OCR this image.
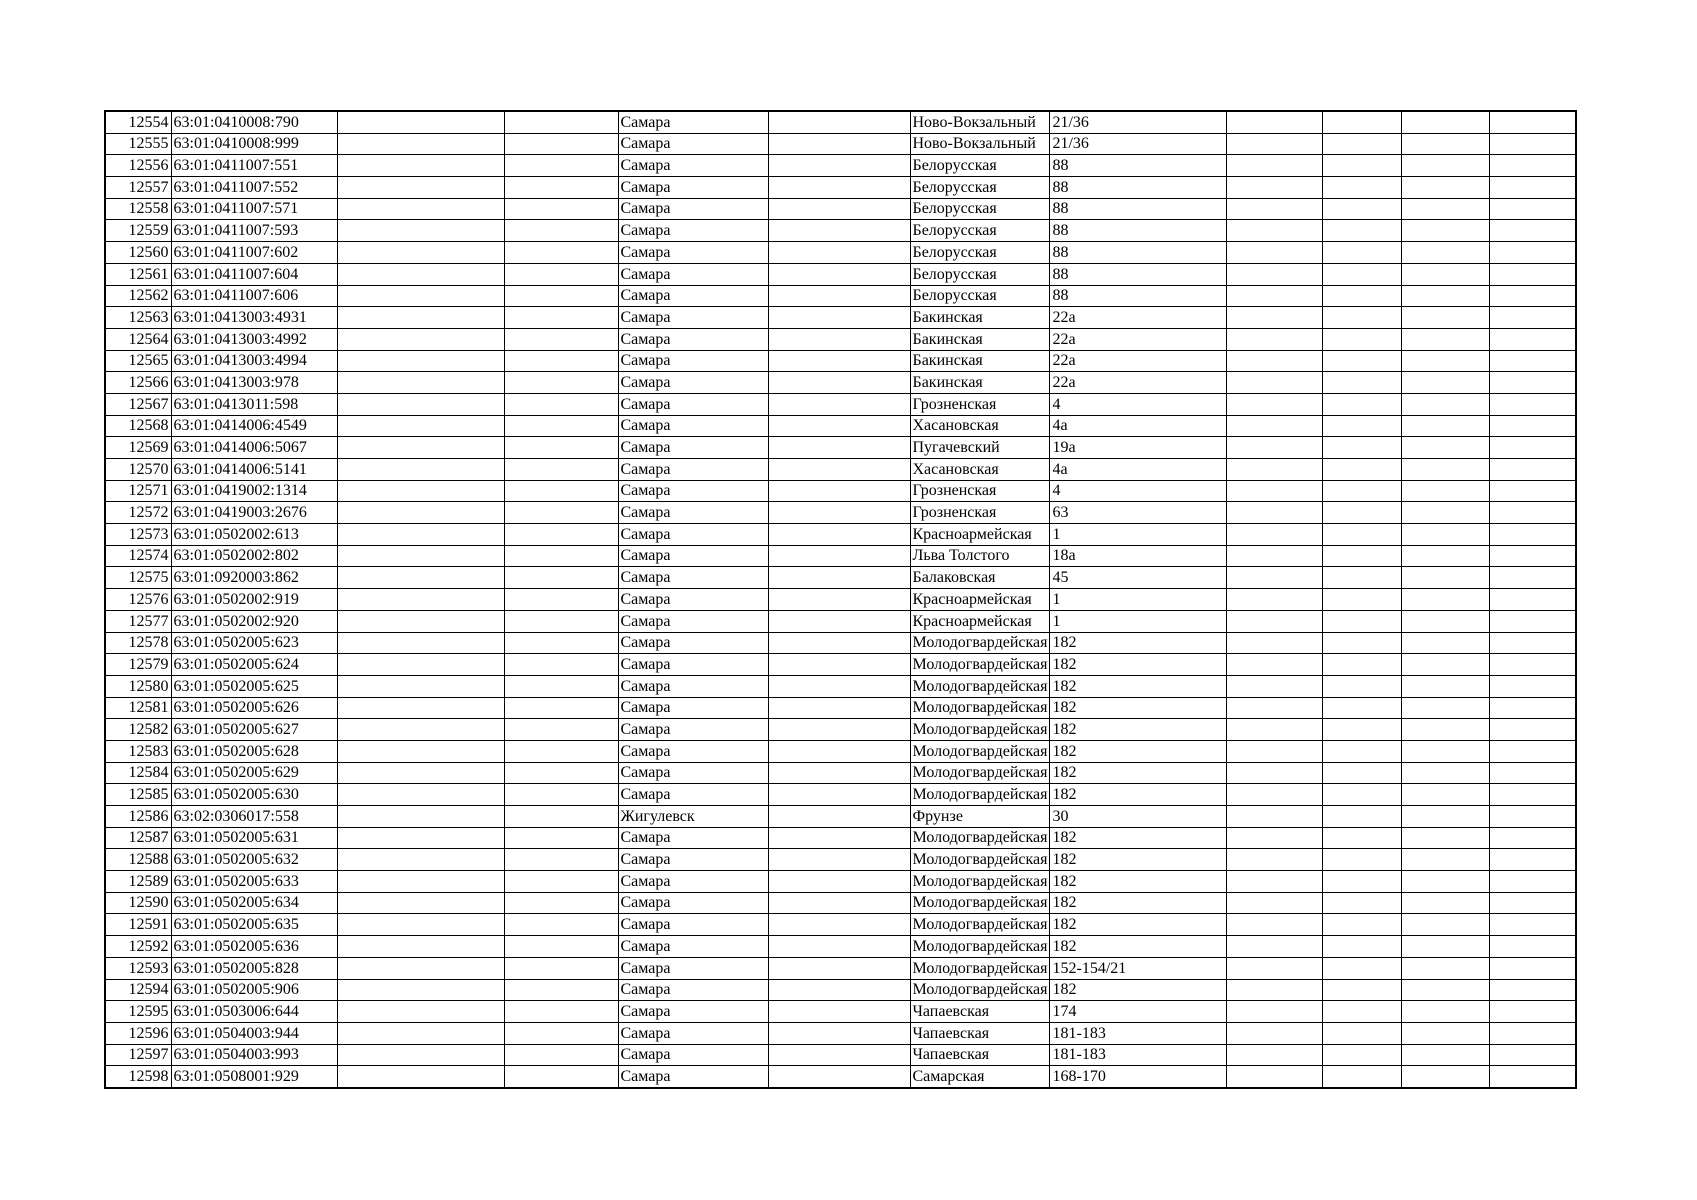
12554	63:01:0410008:790			Самара		Ново-Вокзальный	21/36				
12555	63:01:0410008:999			Самара		Ново-Вокзальный	21/36				
12556	63:01:0411007:551			Самара		Белорусская	88				
12557	63:01:0411007:552			Самара		Белорусская	88				
12558	63:01:0411007:571			Самара		Белорусская	88				
12559	63:01:0411007:593			Самара		Белорусская	88				
12560	63:01:0411007:602			Самара		Белорусская	88				
12561	63:01:0411007:604			Самара		Белорусская	88				
12562	63:01:0411007:606			Самара		Белорусская	88				
12563	63:01:0413003:4931			Самара		Бакинская	22а				
12564	63:01:0413003:4992			Самара		Бакинская	22а				
12565	63:01:0413003:4994			Самара		Бакинская	22а				
12566	63:01:0413003:978			Самара		Бакинская	22а				
12567	63:01:0413011:598			Самара		Грозненская	4				
12568	63:01:0414006:4549			Самара		Хасановская	4а				
12569	63:01:0414006:5067			Самара		Пугачевский	19а				
12570	63:01:0414006:5141			Самара		Хасановская	4а				
12571	63:01:0419002:1314			Самара		Грозненская	4				
12572	63:01:0419003:2676			Самара		Грозненская	63				
12573	63:01:0502002:613			Самара		Красноармейская	1				
12574	63:01:0502002:802			Самара		Льва Толстого	18а				
12575	63:01:0920003:862			Самара		Балаковская	45				
12576	63:01:0502002:919			Самара		Красноармейская	1				
12577	63:01:0502002:920			Самара		Красноармейская	1				
12578	63:01:0502005:623			Самара		Молодогвардейская	182				
12579	63:01:0502005:624			Самара		Молодогвардейская	182				
12580	63:01:0502005:625			Самара		Молодогвардейская	182				
12581	63:01:0502005:626			Самара		Молодогвардейская	182				
12582	63:01:0502005:627			Самара		Молодогвардейская	182				
12583	63:01:0502005:628			Самара		Молодогвардейская	182				
12584	63:01:0502005:629			Самара		Молодогвардейская	182				
12585	63:01:0502005:630			Самара		Молодогвардейская	182				
12586	63:02:0306017:558			Жигулевск		Фрунзе	30				
12587	63:01:0502005:631			Самара		Молодогвардейская	182				
12588	63:01:0502005:632			Самара		Молодогвардейская	182				
12589	63:01:0502005:633			Самара		Молодогвардейская	182				
12590	63:01:0502005:634			Самара		Молодогвардейская	182				
12591	63:01:0502005:635			Самара		Молодогвардейская	182				
12592	63:01:0502005:636			Самара		Молодогвардейская	182				
12593	63:01:0502005:828			Самара		Молодогвардейская	152-154/21				
12594	63:01:0502005:906			Самара		Молодогвардейская	182				
12595	63:01:0503006:644			Самара		Чапаевская	174				
12596	63:01:0504003:944			Самара		Чапаевская	181-183				
12597	63:01:0504003:993			Самара		Чапаевская	181-183				
12598	63:01:0508001:929			Самара		Самарская	168-170				
